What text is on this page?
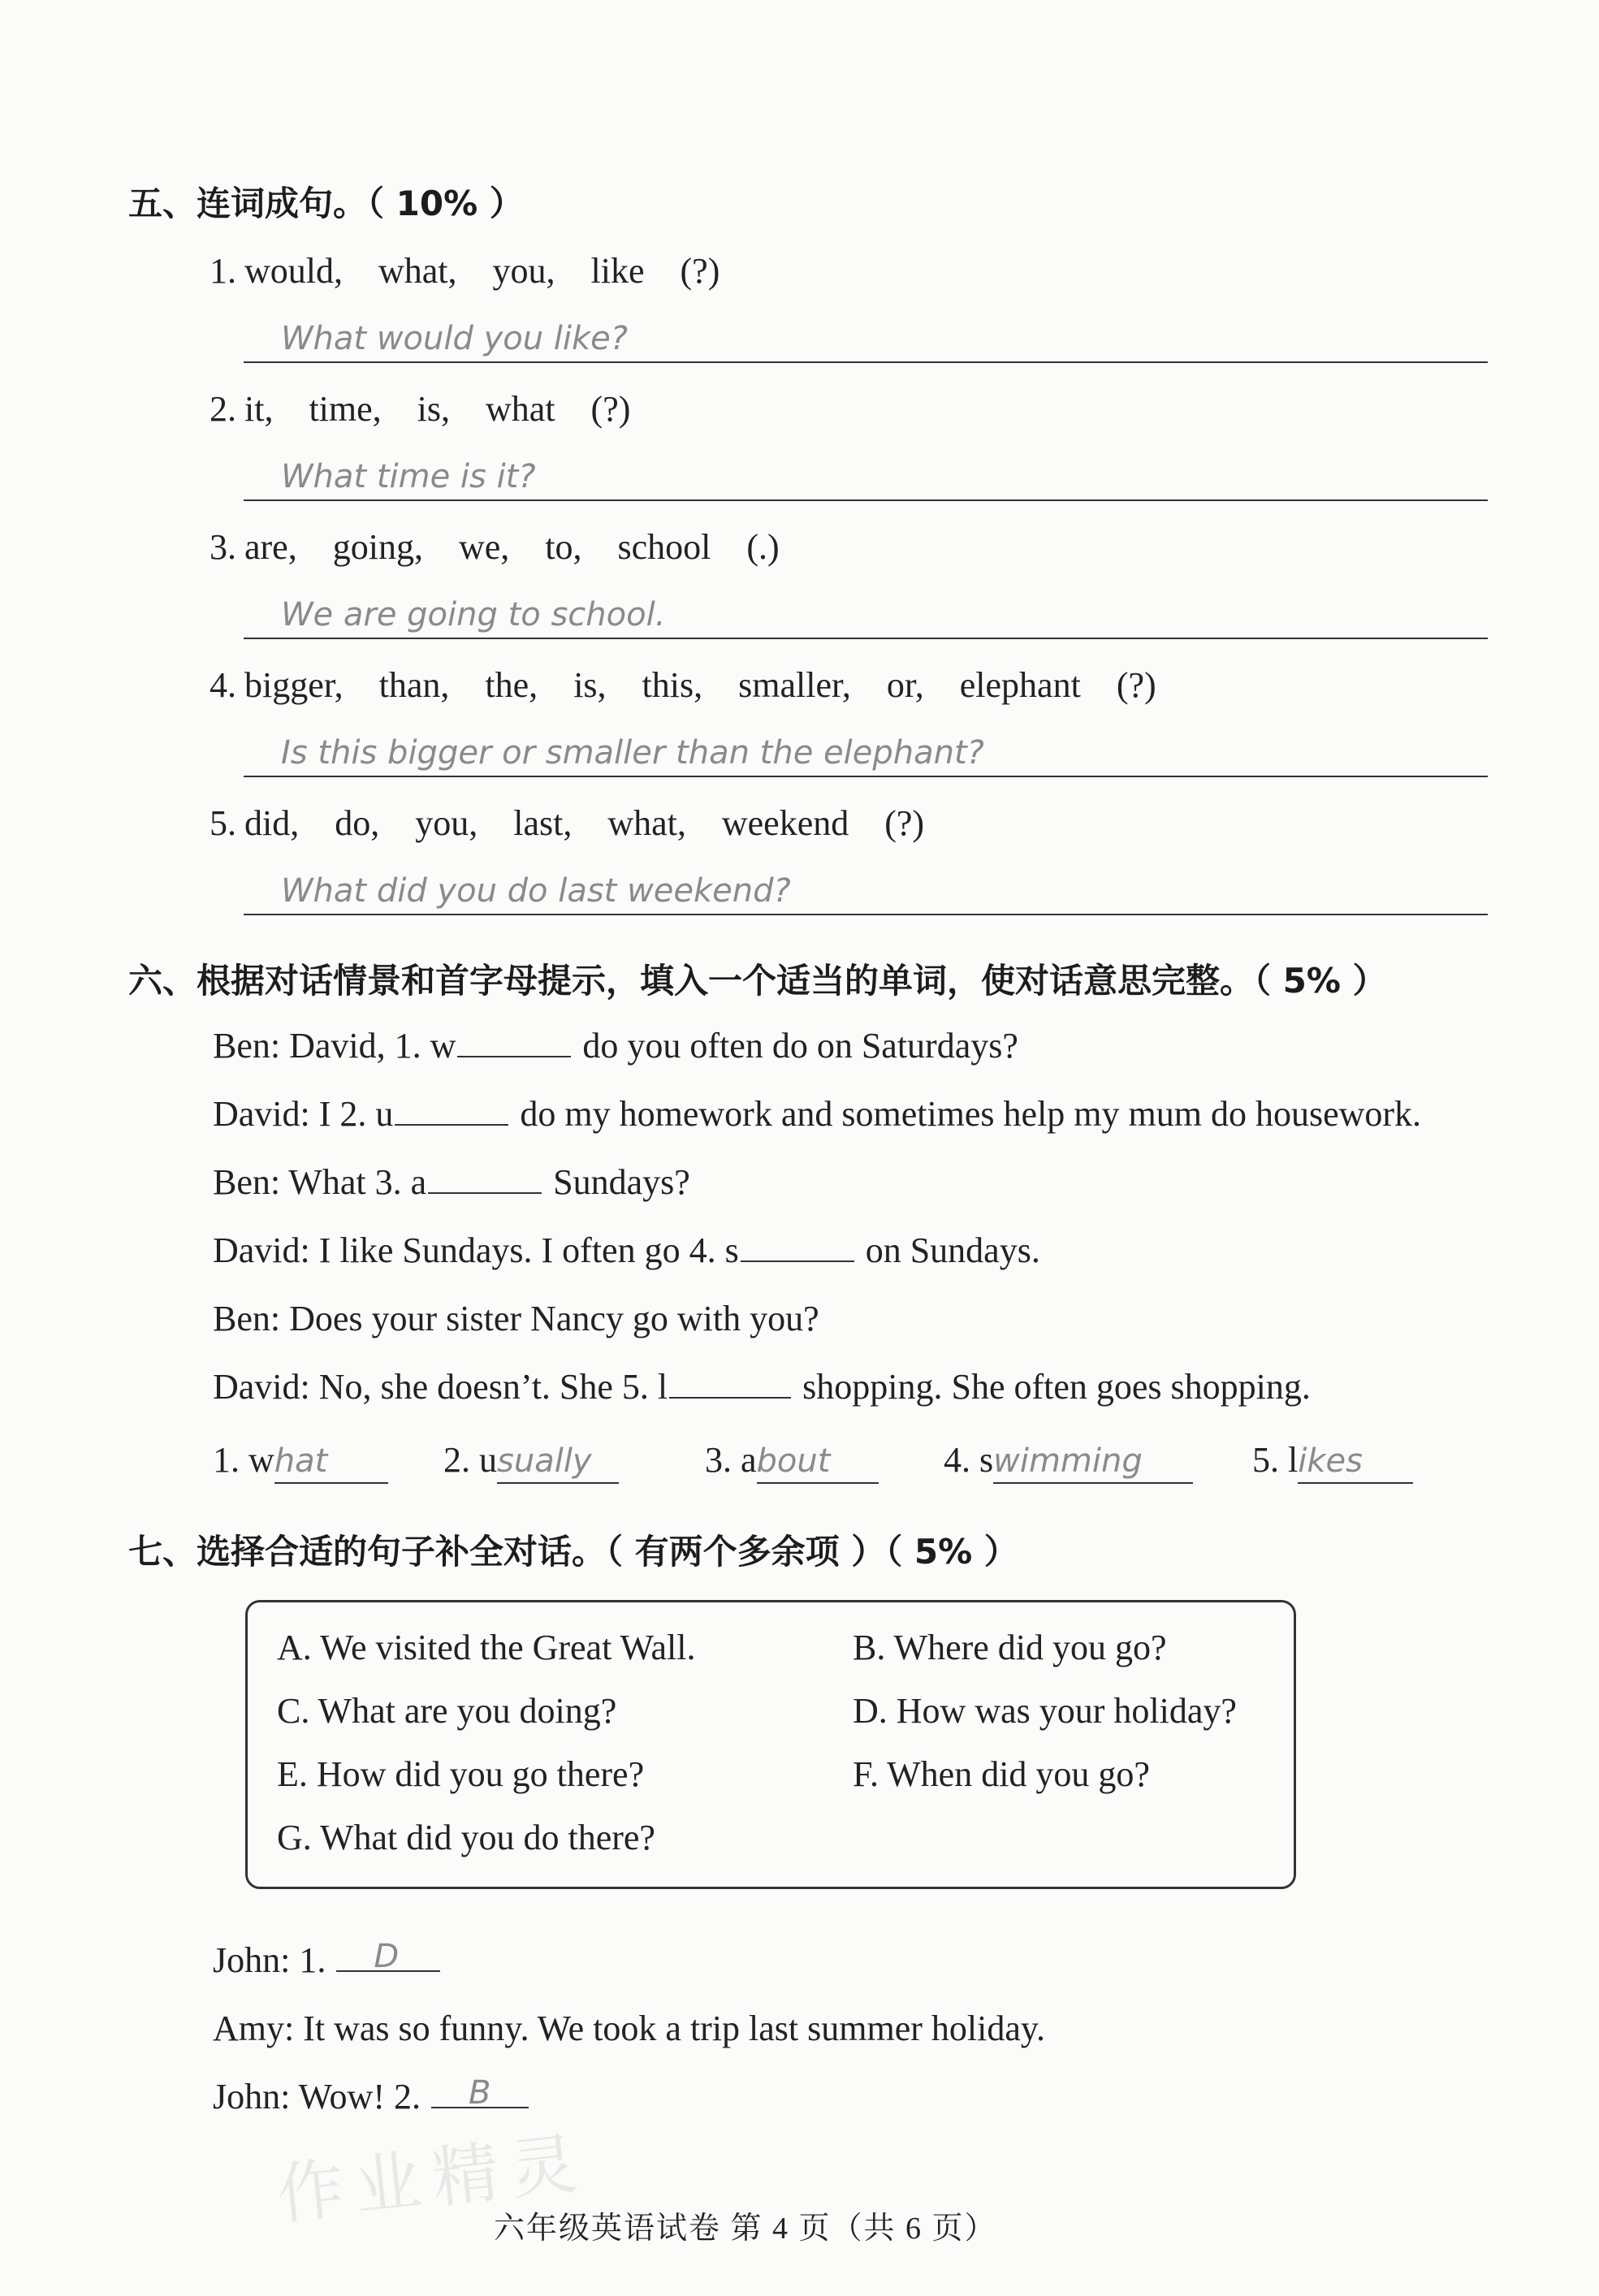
五、连词成句。（ 10% ）
1. would, what, you, like (?)
What would you like?
2. it, time, is, what (?)
What time is it?
3. are, going, we, to, school (.)
We are going to school.
4. bigger, than, the, is, this, smaller, or, elephant (?)
Is this bigger or smaller than the elephant?
5. did, do, you, last, what, weekend (?)
What did you do last weekend?
六、根据对话情景和首字母提示，填入一个适当的单词，使对话意思完整。（ 5% ）
Ben: David, 1. w	do you often do on Saturdays?
David: I 2. u	do my homework and sometimes help my mum do housework.
Ben: What 3. a	Sundays?
David: I like Sundays. I often go 4. s	on Sundays.
Ben: Does your sister Nancy go with you?
David: No, she doesn’t. She 5. l	shopping. She often goes shopping.
1. what	2. usually	3. about	4. swimming	5. likes
七、选择合适的句子补全对话。（ 有两个多余项 ）（ 5% ）
A. We visited the Great Wall.	B. Where did you go?
C. What are you doing?	D. How was your holiday?
E. How did you go there?	F. When did you go?
G. What did you do there?
John: 1. D
Amy: It was so funny. We took a trip last summer holiday.
John: Wow! 2. B
作业精灵
六年级英语试卷 第 4 页（共 6 页）
